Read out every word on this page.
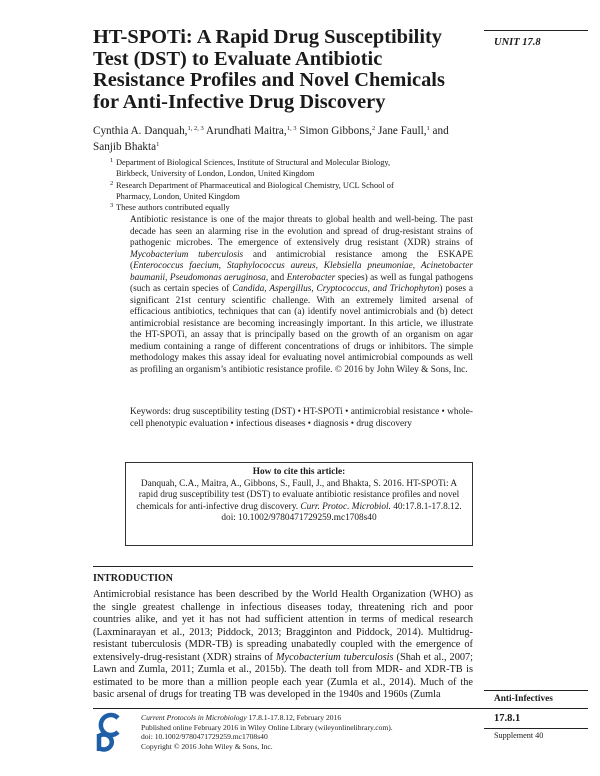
UNIT 17.8
HT-SPOTi: A Rapid Drug Susceptibility Test (DST) to Evaluate Antibiotic Resistance Profiles and Novel Chemicals for Anti-Infective Drug Discovery
Cynthia A. Danquah,$^{1, 2, 3}$ Arundhati Maitra,$^{1, 3}$ Simon Gibbons,$^2$ Jane Faull,$^1$ and Sanjib Bhakta$^1$
1 Department of Biological Sciences, Institute of Structural and Molecular Biology,
Birkbeck, University of London, London, United Kingdom
2 Research Department of Pharmaceutical and Biological Chemistry, UCL School of
Pharmacy, London, United Kingdom
3 These authors contributed equally
Antibiotic resistance is one of the major threats to global health and well-being. The past decade has seen an alarming rise in the evolution and spread of drug-resistant strains of pathogenic microbes. The emergence of extensively drug resistant (XDR) strains of Mycobacterium tuberculosis and antimicrobial resistance among the ESKAPE (Enterococcus faecium, Staphylococcus aureus, Klebsiella pneumoniae, Acinetobacter baumanii, Pseudomonas aeruginosa, and Enterobacter species) as well as fungal pathogens (such as certain species of Candida, Aspergillus, Cryptococcus, and Trichophyton) poses a significant 21st century scientific challenge. With an extremely limited arsenal of efficacious antibiotics, techniques that can (a) identify novel antimicrobials and (b) detect antimicrobial resistance are becoming increasingly important. In this article, we illustrate the HT-SPOTi, an assay that is principally based on the growth of an organism on agar medium containing a range of different concentrations of drugs or inhibitors. The simple methodology makes this assay ideal for evaluating novel antimicrobial compounds as well as profiling an organism’s antibiotic resistance profile. © 2016 by John Wiley & Sons, Inc.
Keywords: drug susceptibility testing (DST) • HT-SPOTi • antimicrobial resistance • whole-cell phenotypic evaluation • infectious diseases • diagnosis • drug discovery
How to cite this article:
Danquah, C.A., Maitra, A., Gibbons, S., Faull, J., and Bhakta, S. 2016. HT-SPOTi: A rapid drug susceptibility test (DST) to evaluate antibiotic resistance profiles and novel chemicals for anti-infective drug discovery. Curr. Protoc. Microbiol. 40:17.8.1-17.8.12.
doi: 10.1002/9780471729259.mc1708s40
INTRODUCTION
Antimicrobial resistance has been described by the World Health Organization (WHO) as the single greatest challenge in infectious diseases today, threatening rich and poor countries alike, and yet it has not had sufficient attention in terms of medical research (Laxminarayan et al., 2013; Piddock, 2013; Bragginton and Piddock, 2014). Multidrug-resistant tuberculosis (MDR-TB) is spreading unabatedly coupled with the emergence of extensively-drug-resistant (XDR) strains of Mycobacterium tuberculosis (Shah et al., 2007; Lawn and Zumla, 2011; Zumla et al., 2015b). The death toll from MDR- and XDR-TB is estimated to be more than a million people each year (Zumla et al., 2014). Much of the basic arsenal of drugs for treating TB was developed in the 1940s and 1960s (Zumla	Anti-Infectives
17.8.1
Supplement 40
Current Protocols in Microbiology 17.8.1-17.8.12, February 2016
Published online February 2016 in Wiley Online Library (wileyonlinelibrary.com).
doi: 10.1002/9780471729259.mc1708s40
Copyright © 2016 John Wiley & Sons, Inc.
